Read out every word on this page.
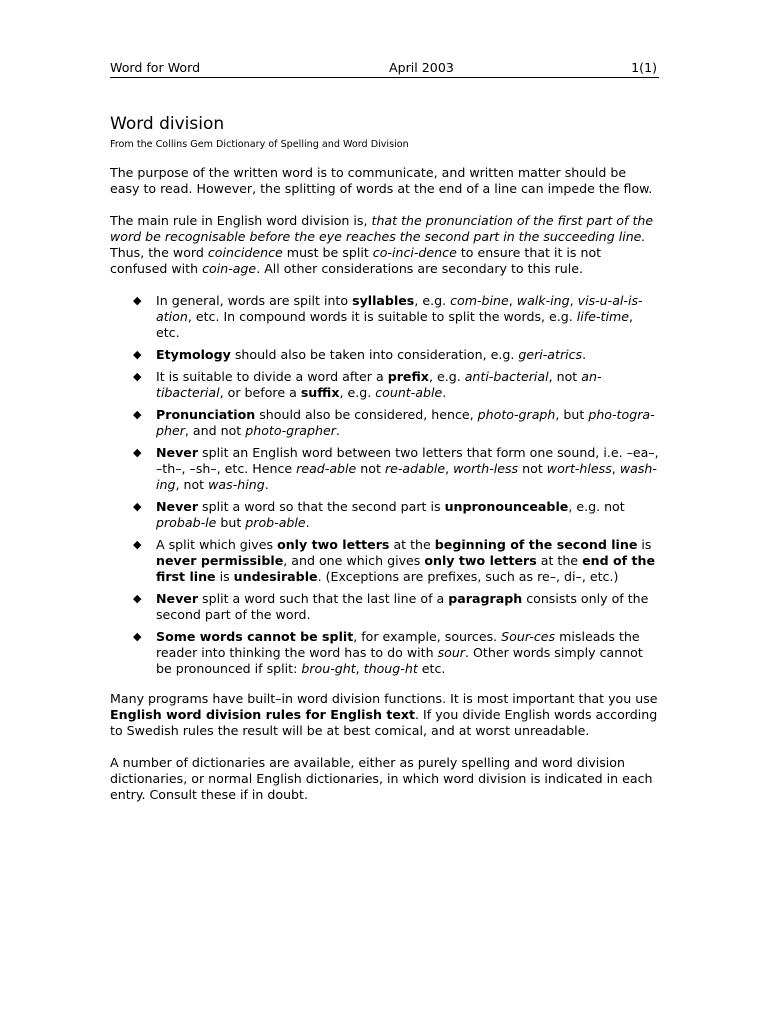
Word for Word	April 2003	1(1)
Word division

From the Collins Gem Dictionary of Spelling and Word Division

The purpose of the written word is to communicate, and written matter should be easy to read. However, the splitting of words at the end of a line can impede the flow.

The main rule in English word division is, that the pronunciation of the first part of the word be recognisable before the eye reaches the second part in the succeeding line. Thus, the word coincidence must be split co-inci-dence to ensure that it is not confused with coin-age. All other considerations are secondary to this rule.

◆ In general, words are spilt into syllables, e.g. com-bine, walk-ing, vis-u-al-is-ation, etc. In compound words it is suitable to split the words, e.g. life-time, etc.
◆ Etymology should also be taken into consideration, e.g. geri-atrics.
◆ It is suitable to divide a word after a prefix, e.g. anti-bacterial, not an-tibacterial, or before a suffix, e.g. count-able.
◆ Pronunciation should also be considered, hence, photo-graph, but pho-togra-pher, and not photo-grapher.
◆ Never split an English word between two letters that form one sound, i.e. –ea–, –th–, –sh–, etc. Hence read-able not re-adable, worth-less not wort-hless, wash-ing, not was-hing.
◆ Never split a word so that the second part is unpronounceable, e.g. not probab-le but prob-able.
◆ A split which gives only two letters at the beginning of the second line is never permissible, and one which gives only two letters at the end of the first line is undesirable. (Exceptions are prefixes, such as re–, di–, etc.)
◆ Never split a word such that the last line of a paragraph consists only of the second part of the word.
◆ Some words cannot be split, for example, sources. Sour-ces misleads the reader into thinking the word has to do with sour. Other words simply cannot be pronounced if split: brou-ght, thoug-ht etc.

Many programs have built–in word division functions. It is most important that you use English word division rules for English text. If you divide English words according to Swedish rules the result will be at best comical, and at worst unreadable.

A number of dictionaries are available, either as purely spelling and word division dictionaries, or normal English dictionaries, in which word division is indicated in each entry. Consult these if in doubt.
